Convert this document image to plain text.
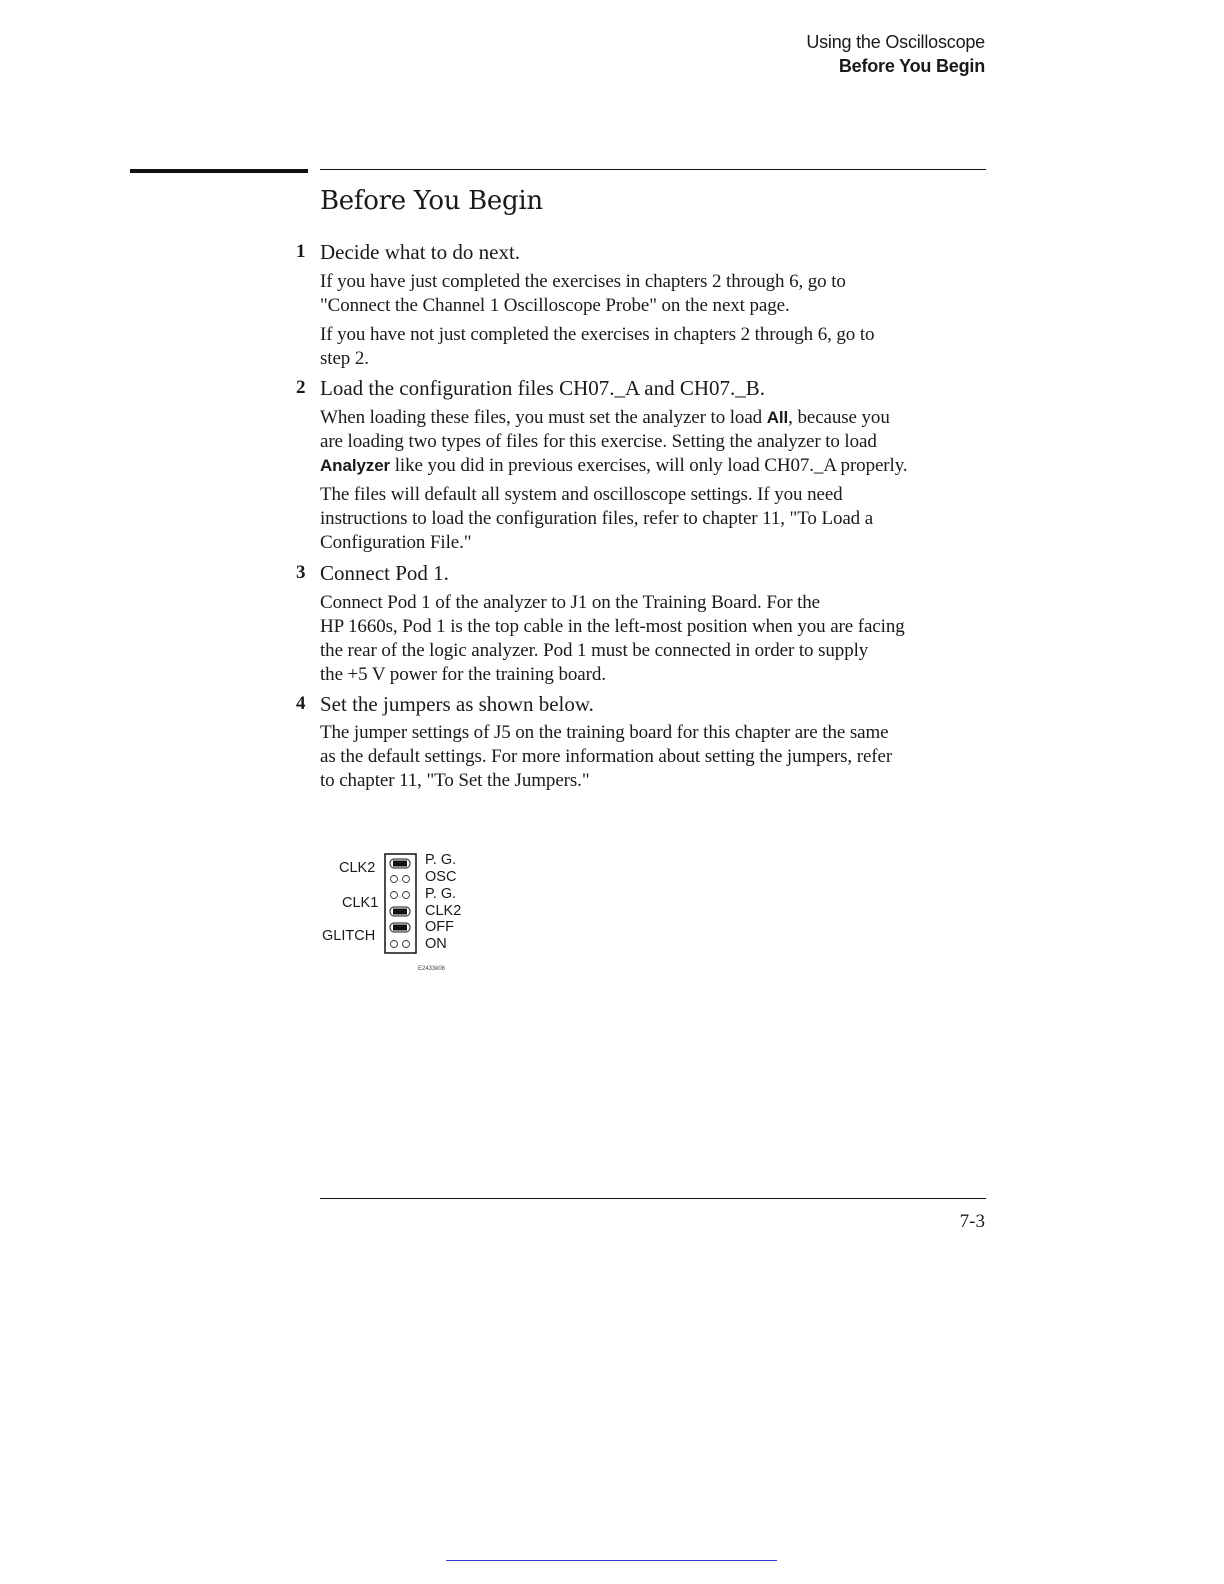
Using the Oscilloscope
Before You Begin
Before You Begin
1 Decide what to do next.
If you have just completed the exercises in chapters 2 through 6, go to
"Connect the Channel 1 Oscilloscope Probe" on the next page.
If you have not just completed the exercises in chapters 2 through 6, go to
step 2.
2 Load the configuration files CH07._A and CH07._B.
When loading these files, you must set the analyzer to load All, because you
are loading two types of files for this exercise. Setting the analyzer to load
Analyzer like you did in previous exercises, will only load CH07._A properly.
The files will default all system and oscilloscope settings. If you need
instructions to load the configuration files, refer to chapter 11, "To Load a
Configuration File."
3 Connect Pod 1.
Connect Pod 1 of the analyzer to J1 on the Training Board. For the
HP 1660s, Pod 1 is the top cable in the left-most position when you are facing
the rear of the logic analyzer. Pod 1 must be connected in order to supply
the +5 V power for the training board.
4 Set the jumpers as shown below.
The jumper settings of J5 on the training board for this chapter are the same
as the default settings. For more information about setting the jumpers, refer
to chapter 11, "To Set the Jumpers."
CLK2
CLK1
GLITCH
P. G.
OSC
P. G.
CLK2
OFF
ON
E2433k06
7-3
